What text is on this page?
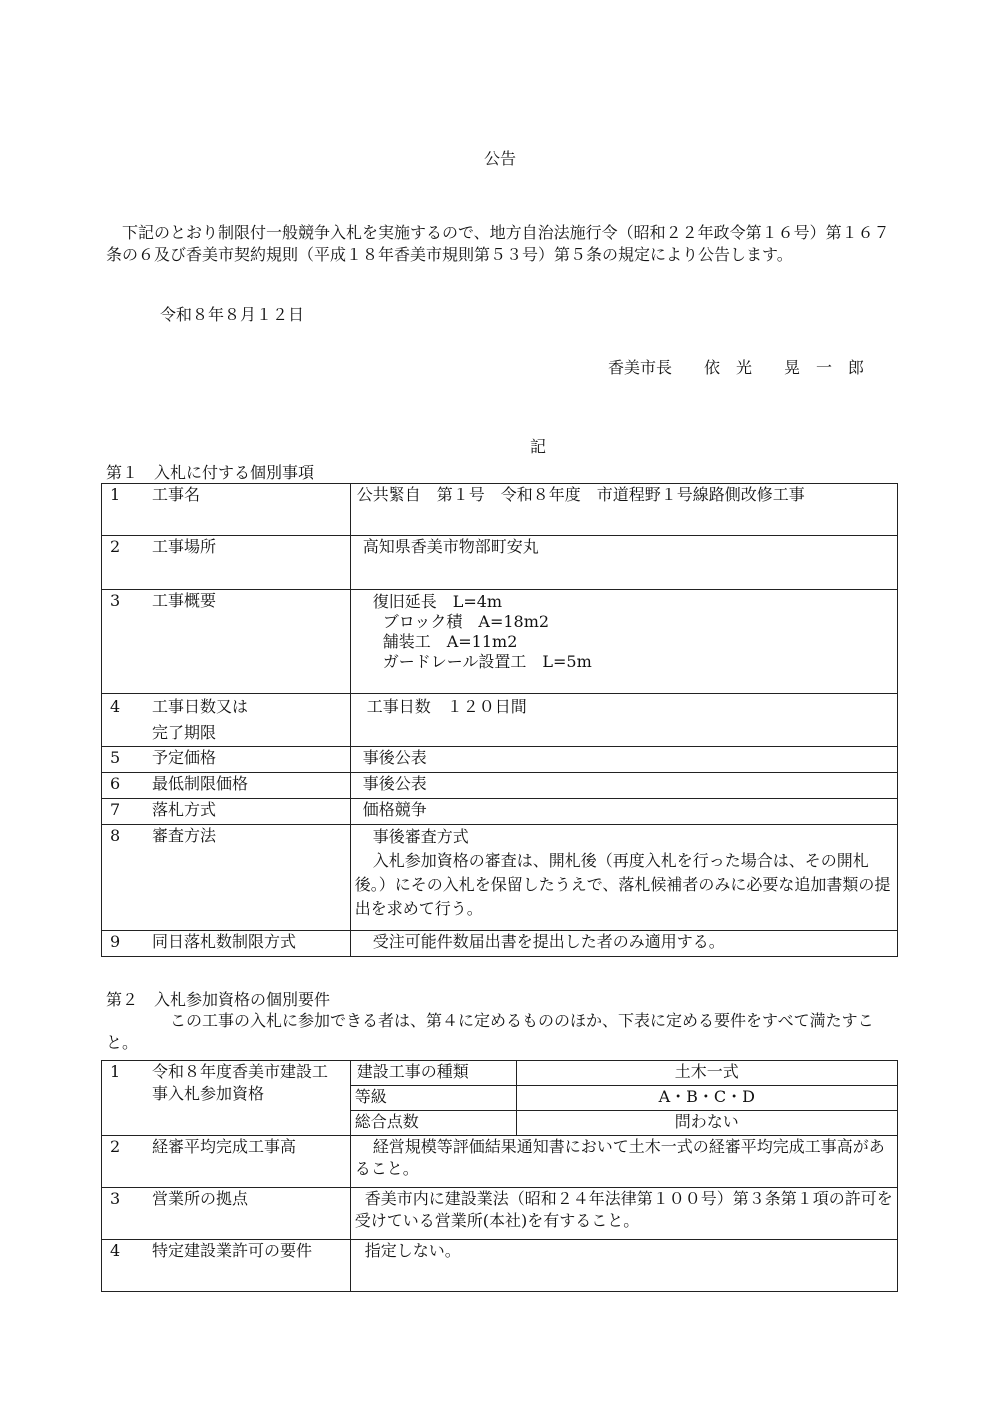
公告
下記のとおり制限付一般競争入札を実施するので、地方自治法施行令（昭和２２年政令第１６号）第１６７条の６及び香美市契約規則（平成１８年香美市規則第５３号）第５条の規定により公告します。
令和８年８月１２日
香美市長　　依　光　　晃　一　郎
記
第１　入札に付する個別事項
1 工事名	公共緊自　第１号　令和８年度　市道程野１号線路側改修工事
2 工事場所	高知県香美市物部町安丸
3 工事概要	復旧延長　L=4m
ブロック積　A=18m2
舗装工　A=11m2
ガードレール設置工　L=5m

4 工事日数又は
完了期限	工事日数　１２０日間
5 予定価格	事後公表
6 最低制限価格	事後公表
7 落札方式	価格競争
8 審査方法	事後審査方式
入札参加資格の審査は、開札後（再度入札を行った場合は、その開札後。）にその入札を保留したうえで、落札候補者のみに必要な追加書類の提出を求めて行う。

9 同日落札数制限方式	受注可能件数届出書を提出した者のみ適用する。
第２　入札参加資格の個別要件
この工事の入札に参加できる者は、第４に定めるもののほか、下表に定める要件をすべて満たすこと。
1 令和８年度香美市建設工事入札参加資格	建設工事の種類	土木一式
	等級	A・B・C・D
	総合点数	問わない
2 経審平均完成工事高	経営規模等評価結果通知書において土木一式の経審平均完成工事高があること。	
3 営業所の拠点	香美市内に建設業法（昭和２４年法律第１００号）第３条第１項の許可を受けている営業所(本社)を有すること。	
4 特定建設業許可の要件	指定しない。	
